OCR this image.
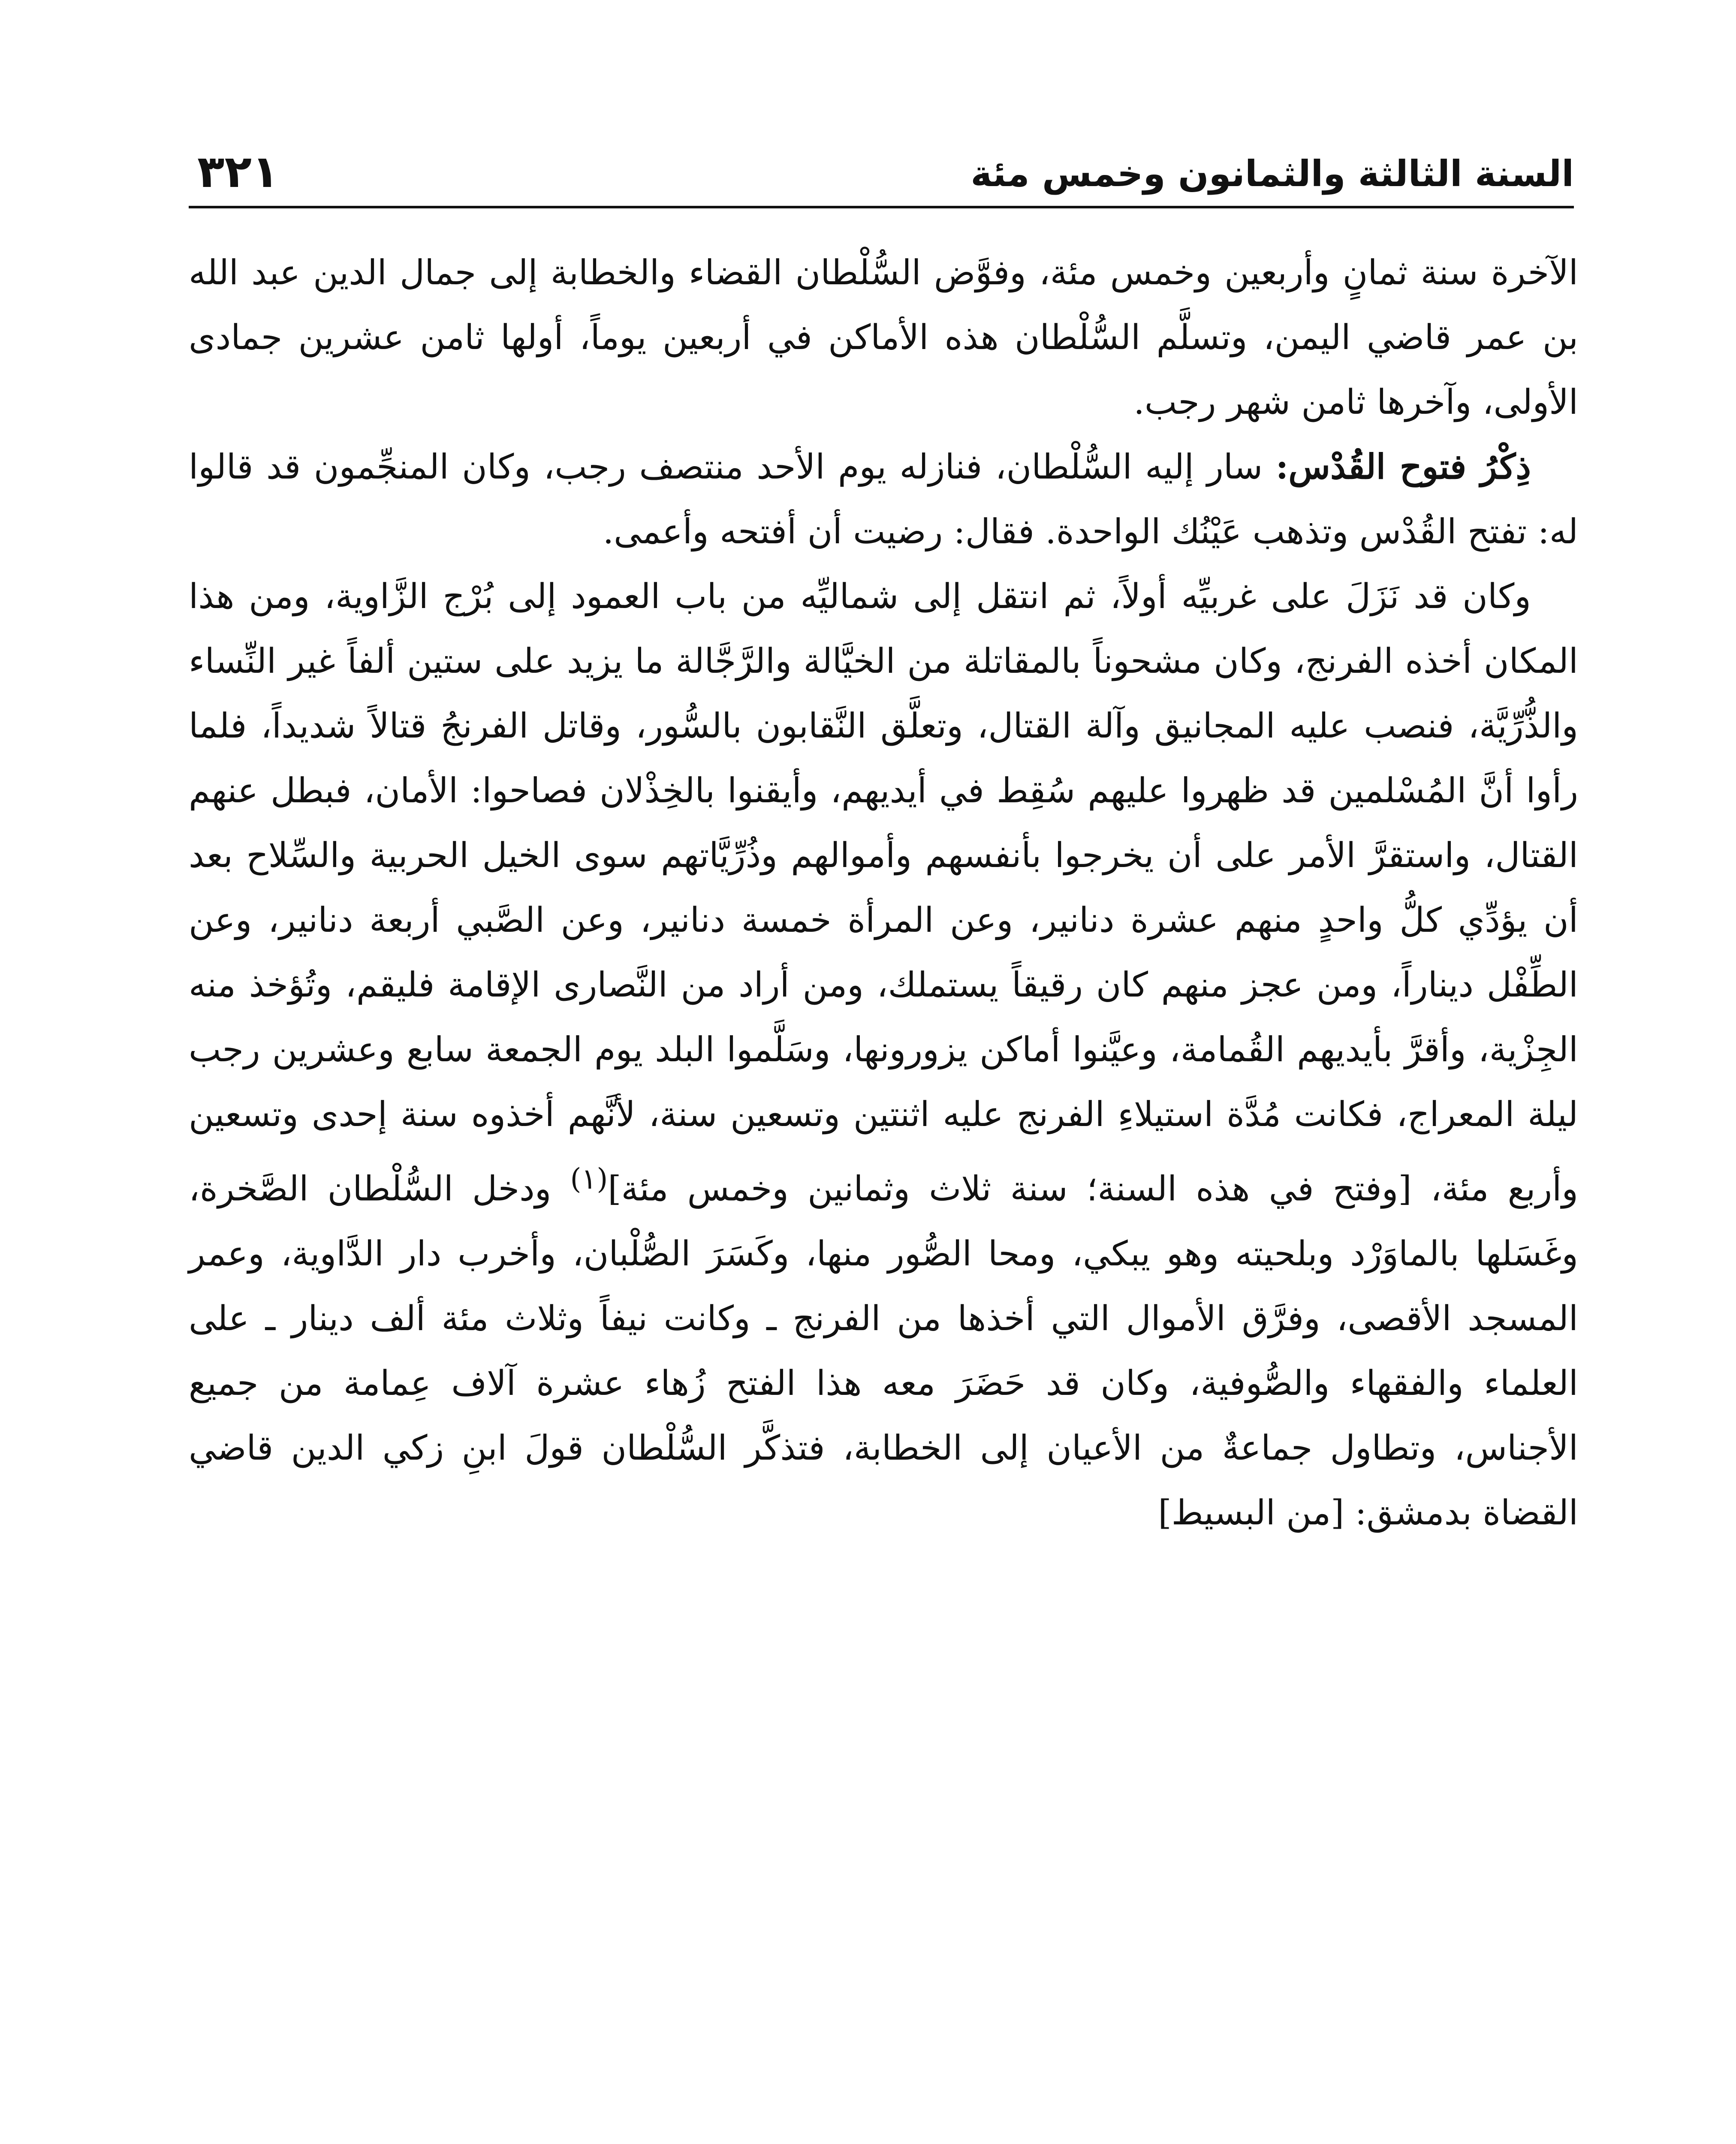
السنة الثالثة والثمانون وخمس مئة
٣٢١

الآخرة سنة ثمانٍ وأربعين وخمس مئة، وفوَّض السُّلْطان القضاء والخطابة إلى جمال الدين عبد الله بن عمر قاضي اليمن، وتسلَّم السُّلْطان هذه الأماكن في أربعين يوماً، أولها ثامن عشرين جمادى الأولى، وآخرها ثامن شهر رجب.

ذِكْرُ فتوح القُدْس: سار إليه السُّلْطان، فنازله يوم الأحد منتصف رجب، وكان المنجِّمون قد قالوا له: تفتح القُدْس وتذهب عَيْنُك الواحدة. فقال: رضيت أن أفتحه وأعمى.

وكان قد نَزَلَ على غربيِّه أولاً، ثم انتقل إلى شماليِّه من باب العمود إلى بُرْج الزَّاوية، ومن هذا المكان أخذه الفرنج، وكان مشحوناً بالمقاتلة من الخيَّالة والرَّجَّالة ما يزيد على ستين ألفاً غير النِّساء والذُّرِّيَّة، فنصب عليه المجانيق وآلة القتال، وتعلَّق النَّقابون بالسُّور، وقاتل الفرنجُ قتالاً شديداً، فلما رأوا أنَّ المُسْلمين قد ظهروا عليهم سُقِط في أيديهم، وأيقنوا بالخِذْلان فصاحوا: الأمان، فبطل عنهم القتال، واستقرَّ الأمر على أن يخرجوا بأنفسهم وأموالهم وذُرِّيَّاتهم سوى الخيل الحربية والسِّلاح بعد أن يؤدِّي كلُّ واحدٍ منهم عشرة دنانير، وعن المرأة خمسة دنانير، وعن الصَّبي أربعة دنانير، وعن الطِّفْل ديناراً، ومن عجز منهم كان رقيقاً يستملك، ومن أراد من النَّصارى الإقامة فليقم، وتُؤخذ منه الجِزْية، وأقرَّ بأيديهم القُمامة، وعيَّنوا أماكن يزورونها، وسَلَّموا البلد يوم الجمعة سابع وعشرين رجب ليلة المعراج، فكانت مُدَّة استيلاءِ الفرنج عليه اثنتين وتسعين سنة، لأنَّهم أخذوه سنة إحدى وتسعين وأربع مئة، [وفتح في هذه السنة؛ سنة ثلاث وثمانين وخمس مئة]$^{(١)}$ ودخل السُّلْطان الصَّخرة، وغَسَلها بالماوَرْد وبلحيته وهو يبكي، ومحا الصُّور منها، وكَسَرَ الصُّلْبان، وأخرب دار الدَّاوية، وعمر المسجد الأقصى، وفرَّق الأموال التي أخذها من الفرنج ـ وكانت نيفاً وثلاث مئة ألف دينار ـ على العلماء والفقهاء والصُّوفية، وكان قد حَضَرَ معه هذا الفتح زُهاء عشرة آلاف عِمامة من جميع الأجناس، وتطاول جماعةٌ من الأعيان إلى الخطابة، فتذكَّر السُّلْطان قولَ ابنِ زكي الدين قاضي القضاة بدمشق: [من البسيط]
